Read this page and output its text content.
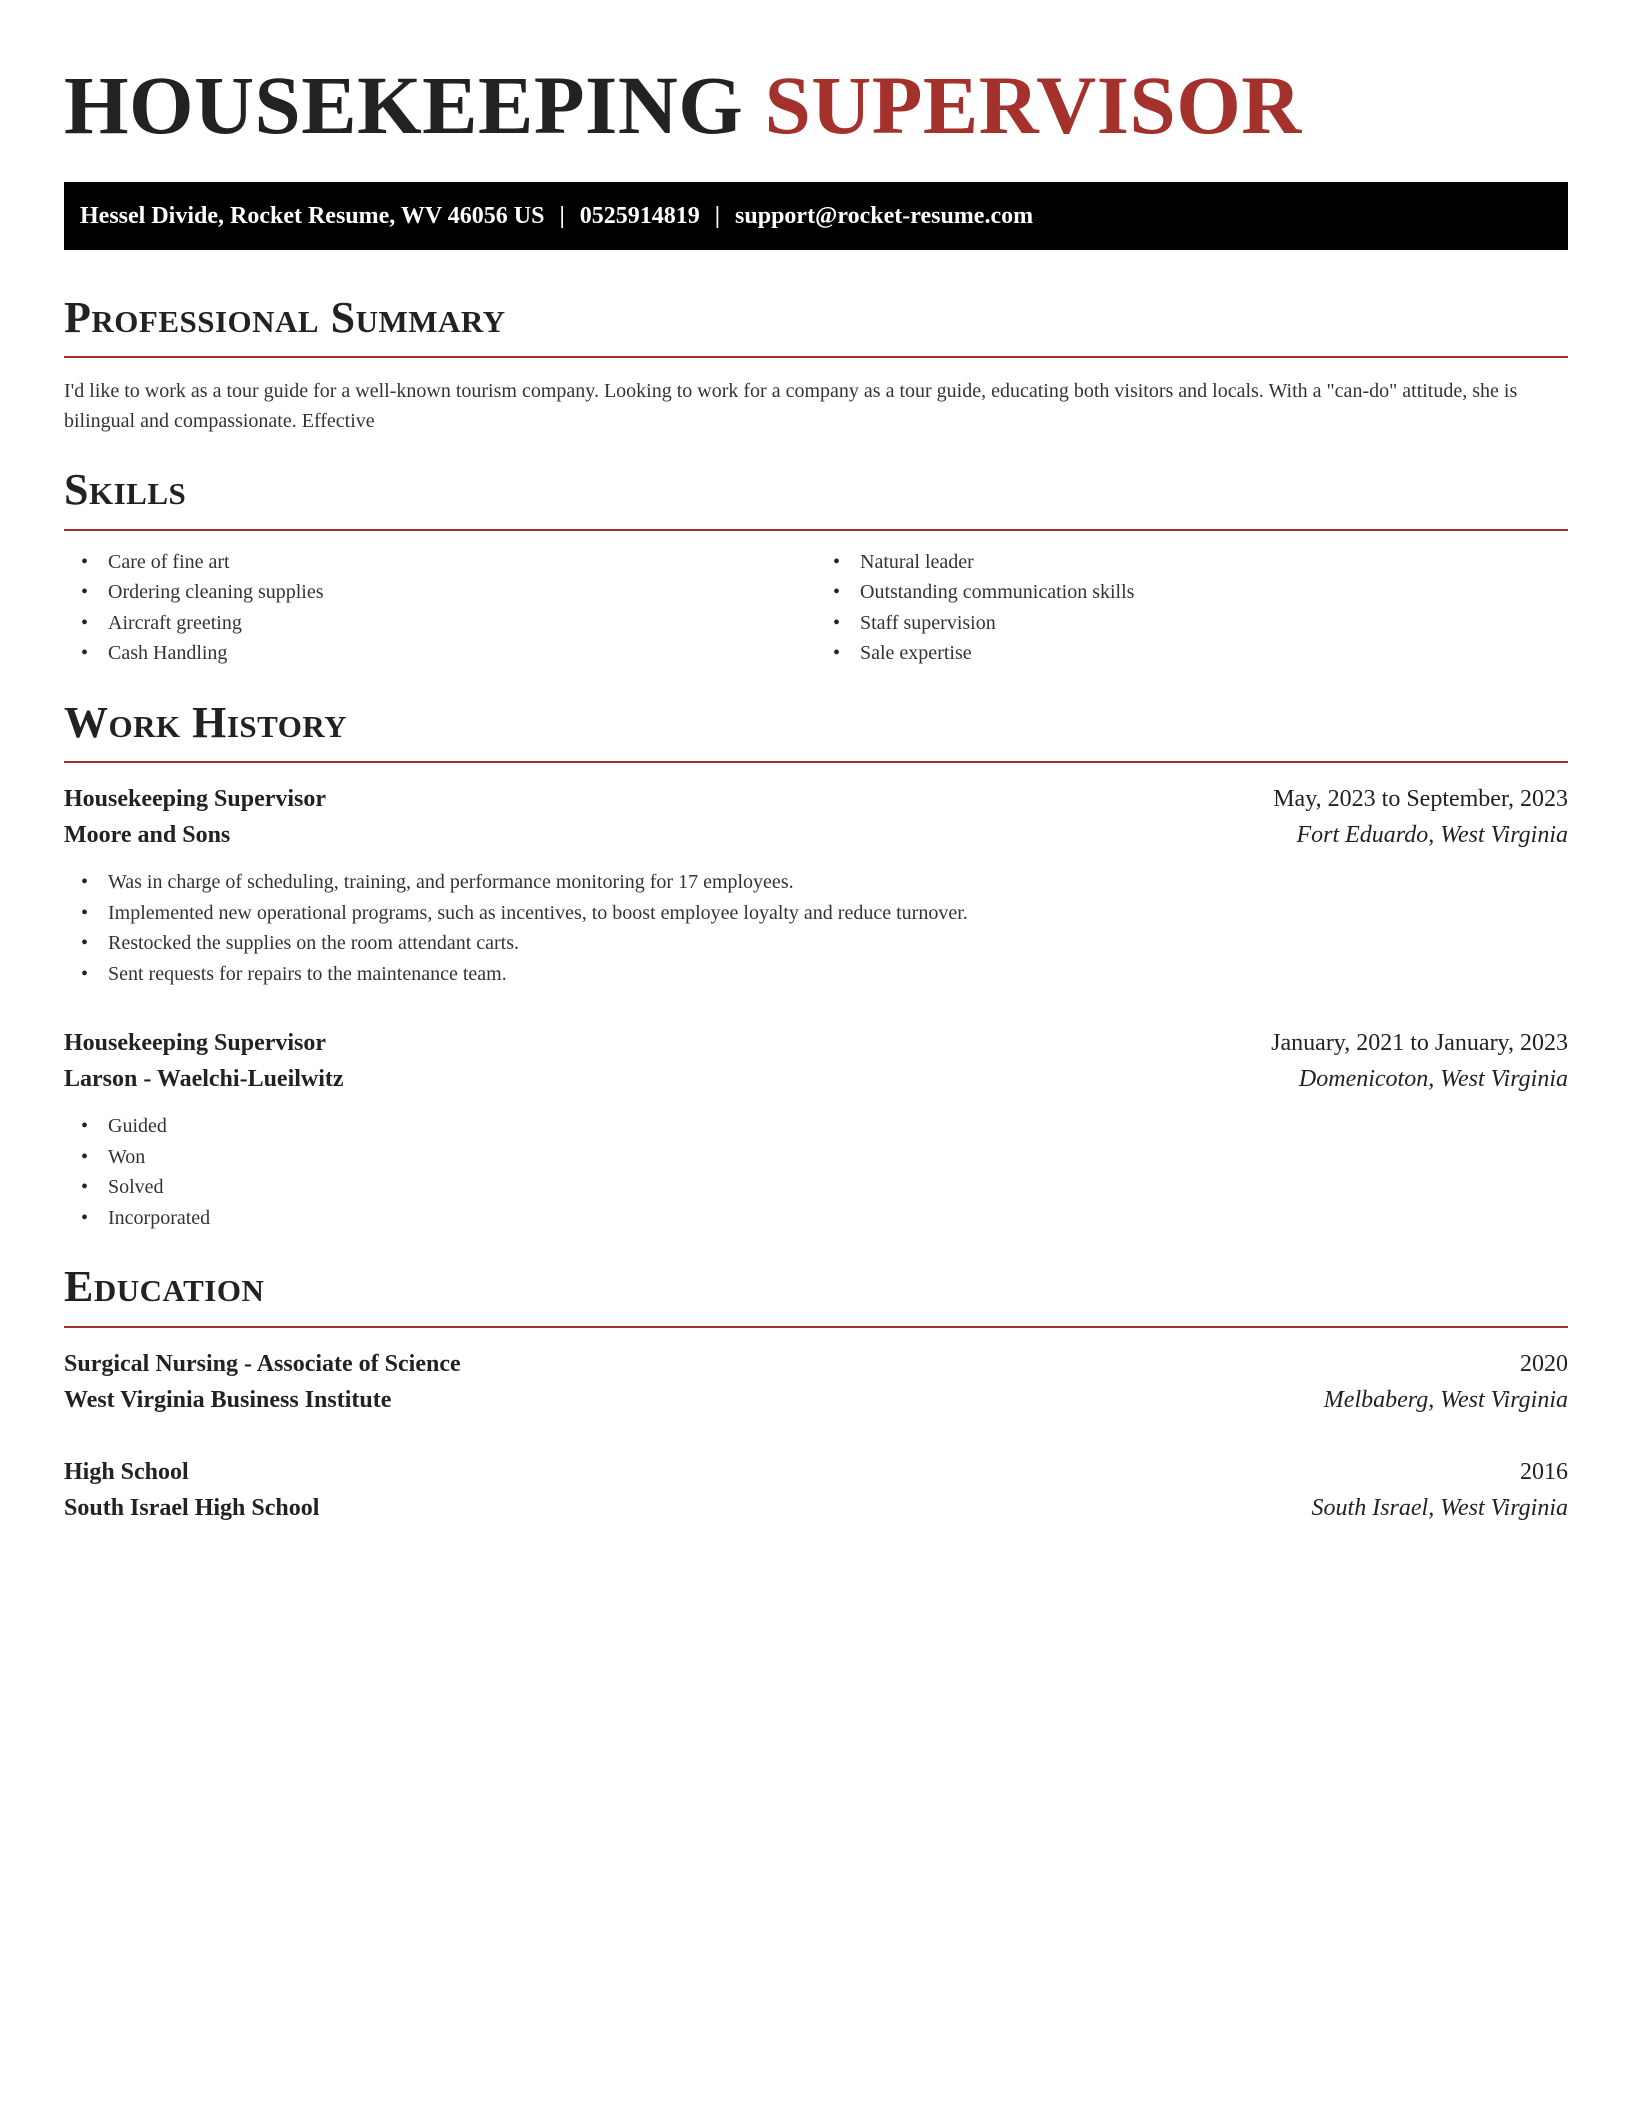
HOUSEKEEPING SUPERVISOR
Hessel Divide, Rocket Resume, WV 46056 US | 0525914819 | support@rocket-resume.com
Professional Summary

I'd like to work as a tour guide for a well-known tourism company. Looking to work for a company as a tour guide, educating both visitors and locals. With a "can-do" attitude, she is bilingual and compassionate. Effective

Skills
• Care of fine art
• Ordering cleaning supplies
• Aircraft greeting
• Cash Handling
• Natural leader
• Outstanding communication skills
• Staff supervision
• Sale expertise
Work History
Housekeeping Supervisor	May, 2023 to September, 2023
Moore and Sons	Fort Eduardo, West Virginia
• Was in charge of scheduling, training, and performance monitoring for 17 employees.
• Implemented new operational programs, such as incentives, to boost employee loyalty and reduce turnover.
• Restocked the supplies on the room attendant carts.
• Sent requests for repairs to the maintenance team.
Housekeeping Supervisor	January, 2021 to January, 2023
Larson - Waelchi-Lueilwitz	Domenicoton, West Virginia
• Guided
• Won
• Solved
• Incorporated
Education
Surgical Nursing - Associate of Science	2020
West Virginia Business Institute	Melbaberg, West Virginia
High School	2016
South Israel High School	South Israel, West Virginia
